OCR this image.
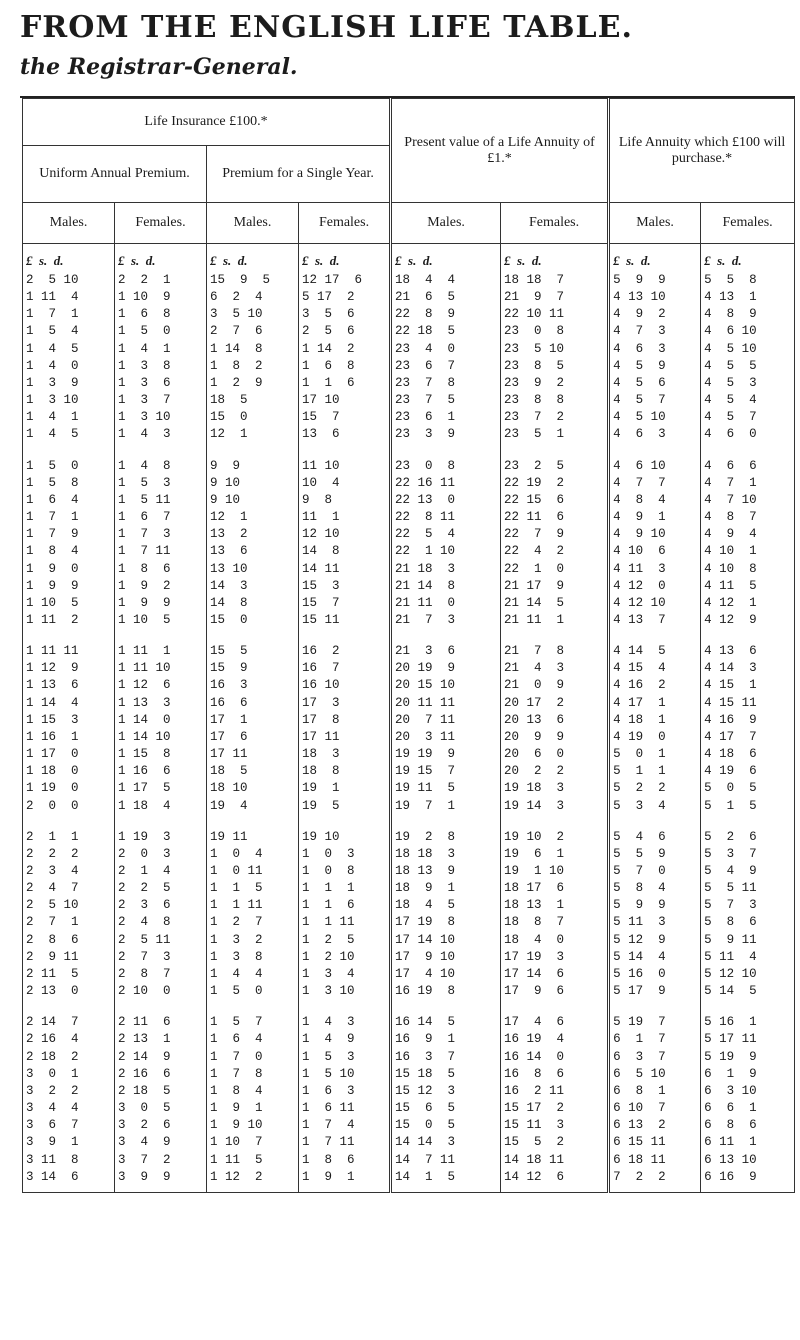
FROM THE ENGLISH LIFE TABLE.
the Registrar-General.
Life Insurance £100.*				Present value of a Life Annuity of £1.*		Life Annuity which £100 will purchase.*	
Uniform Annual Premium.		Premium for a Single Year.					
Males.	Females.	Males.	Females.	Males.	Females.	Males.	Females.
£  s.  d.	£  s.  d.	£  s.  d.	£  s.  d.	£  s.  d.	£  s.  d.	£  s.  d.	£  s.  d.
2  5 10	2  2  1	15  9  5	12 17  6	18  4  4	18 18  7	5  9  9	5  5  8
1 11  4	1 10  9	6  2  4	5 17  2	21  6  5	21  9  7	4 13 10	4 13  1
1  7  1	1  6  8	3  5 10	3  5  6	22  8  9	22 10 11	4  9  2	4  8  9
1  5  4	1  5  0	2  7  6	2  5  6	22 18  5	23  0  8	4  7  3	4  6 10
1  4  5	1  4  1	1 14  8	1 14  2	23  4  0	23  5 10	4  6  3	4  5 10
1  4  0	1  3  8	1  8  2	1  6  8	23  6  7	23  8  5	4  5  9	4  5  5
1  3  9	1  3  6	1  2  9	1  1  6	23  7  8	23  9  2	4  5  6	4  5  3
1  3 10	1  3  7	18  5	17 10	23  7  5	23  8  8	4  5  7	4  5  4
1  4  1	1  3 10	15  0	15  7	23  6  1	23  7  2	4  5 10	4  5  7
1  4  5	1  4  3	12  1	13  6	23  3  9	23  5  1	4  6  3	4  6  0
1  5  0	1  4  8	9  9	11 10	23  0  8	23  2  5	4  6 10	4  6  6
1  5  8	1  5  3	9 10	10  4	22 16 11	22 19  2	4  7  7	4  7  1
1  6  4	1  5 11	9 10	9  8	22 13  0	22 15  6	4  8  4	4  7 10
1  7  1	1  6  7	12  1	11  1	22  8 11	22 11  6	4  9  1	4  8  7
1  7  9	1  7  3	13  2	12 10	22  5  4	22  7  9	4  9 10	4  9  4
1  8  4	1  7 11	13  6	14  8	22  1 10	22  4  2	4 10  6	4 10  1
1  9  0	1  8  6	13 10	14 11	21 18  3	22  1  0	4 11  3	4 10  8
1  9  9	1  9  2	14  3	15  3	21 14  8	21 17  9	4 12  0	4 11  5
1 10  5	1  9  9	14  8	15  7	21 11  0	21 14  5	4 12 10	4 12  1
1 11  2	1 10  5	15  0	15 11	21  7  3	21 11  1	4 13  7	4 12  9
1 11 11	1 11  1	15  5	16  2	21  3  6	21  7  8	4 14  5	4 13  6
1 12  9	1 11 10	15  9	16  7	20 19  9	21  4  3	4 15  4	4 14  3
1 13  6	1 12  6	16  3	16 10	20 15 10	21  0  9	4 16  2	4 15  1
1 14  4	1 13  3	16  6	17  3	20 11 11	20 17  2	4 17  1	4 15 11
1 15  3	1 14  0	17  1	17  8	20  7 11	20 13  6	4 18  1	4 16  9
1 16  1	1 14 10	17  6	17 11	20  3 11	20  9  9	4 19  0	4 17  7
1 17  0	1 15  8	17 11	18  3	19 19  9	20  6  0	5  0  1	4 18  6
1 18  0	1 16  6	18  5	18  8	19 15  7	20  2  2	5  1  1	4 19  6
1 19  0	1 17  5	18 10	19  1	19 11  5	19 18  3	5  2  2	5  0  5
2  0  0	1 18  4	19  4	19  5	19  7  1	19 14  3	5  3  4	5  1  5
2  1  1	1 19  3	19 11	19 10	19  2  8	19 10  2	5  4  6	5  2  6
2  2  2	2  0  3	1  0  4	1  0  3	18 18  3	19  6  1	5  5  9	5  3  7
2  3  4	2  1  4	1  0 11	1  0  8	18 13  9	19  1 10	5  7  0	5  4  9
2  4  7	2  2  5	1  1  5	1  1  1	18  9  1	18 17  6	5  8  4	5  5 11
2  5 10	2  3  6	1  1 11	1  1  6	18  4  5	18 13  1	5  9  9	5  7  3
2  7  1	2  4  8	1  2  7	1  1 11	17 19  8	18  8  7	5 11  3	5  8  6
2  8  6	2  5 11	1  3  2	1  2  5	17 14 10	18  4  0	5 12  9	5  9 11
2  9 11	2  7  3	1  3  8	1  2 10	17  9 10	17 19  3	5 14  4	5 11  4
2 11  5	2  8  7	1  4  4	1  3  4	17  4 10	17 14  6	5 16  0	5 12 10
2 13  0	2 10  0	1  5  0	1  3 10	16 19  8	17  9  6	5 17  9	5 14  5
2 14  7	2 11  6	1  5  7	1  4  3	16 14  5	17  4  6	5 19  7	5 16  1
2 16  4	2 13  1	1  6  4	1  4  9	16  9  1	16 19  4	6  1  7	5 17 11
2 18  2	2 14  9	1  7  0	1  5  3	16  3  7	16 14  0	6  3  7	5 19  9
3  0  1	2 16  6	1  7  8	1  5 10	15 18  5	16  8  6	6  5 10	6  1  9
3  2  2	2 18  5	1  8  4	1  6  3	15 12  3	16  2 11	6  8  1	6  3 10
3  4  4	3  0  5	1  9  1	1  6 11	15  6  5	15 17  2	6 10  7	6  6  1
3  6  7	3  2  6	1  9 10	1  7  4	15  0  5	15 11  3	6 13  2	6  8  6
3  9  1	3  4  9	1 10  7	1  7 11	14 14  3	15  5  2	6 15 11	6 11  1
3 11  8	3  7  2	1 11  5	1  8  6	14  7 11	14 18 11	6 18 11	6 13 10
3 14  6	3  9  9	1 12  2	1  9  1	14  1  5	14 12  6	7  2  2	6 16  9
